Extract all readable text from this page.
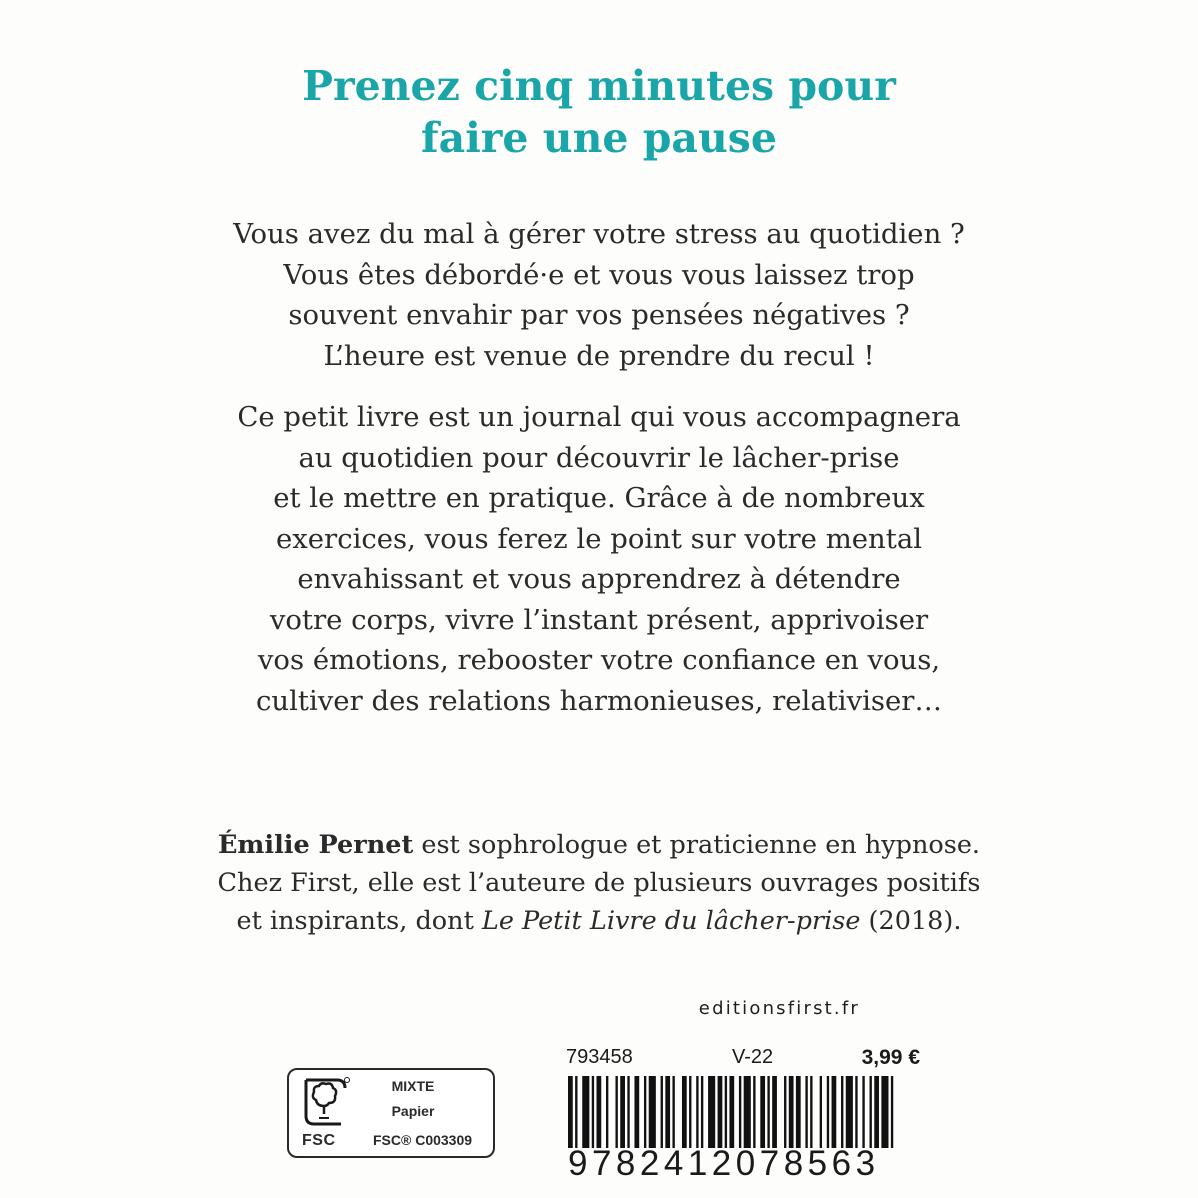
Prenez cinq minutes pour
faire une pause
Vous avez du mal à gérer votre stress au quotidien ?
Vous êtes débordé·e et vous vous laissez trop
souvent envahir par vos pensées négatives ?
L’heure est venue de prendre du recul !
Ce petit livre est un journal qui vous accompagnera
au quotidien pour découvrir le lâcher-prise
et le mettre en pratique. Grâce à de nombreux
exercices, vous ferez le point sur votre mental
envahissant et vous apprendrez à détendre
votre corps, vivre l’instant présent, apprivoiser
vos émotions, rebooster votre confiance en vous,
cultiver des relations harmonieuses, relativiser…
Émilie Pernet est sophrologue et praticienne en hypnose.
Chez First, elle est l’auteure de plusieurs ouvrages positifs
et inspirants, dont Le Petit Livre du lâcher-prise (2018).
editionsfirst.fr
FSC
MIXTE
Papier
FSC® C003309
793458	V-22	3,99 €
9782412078563
